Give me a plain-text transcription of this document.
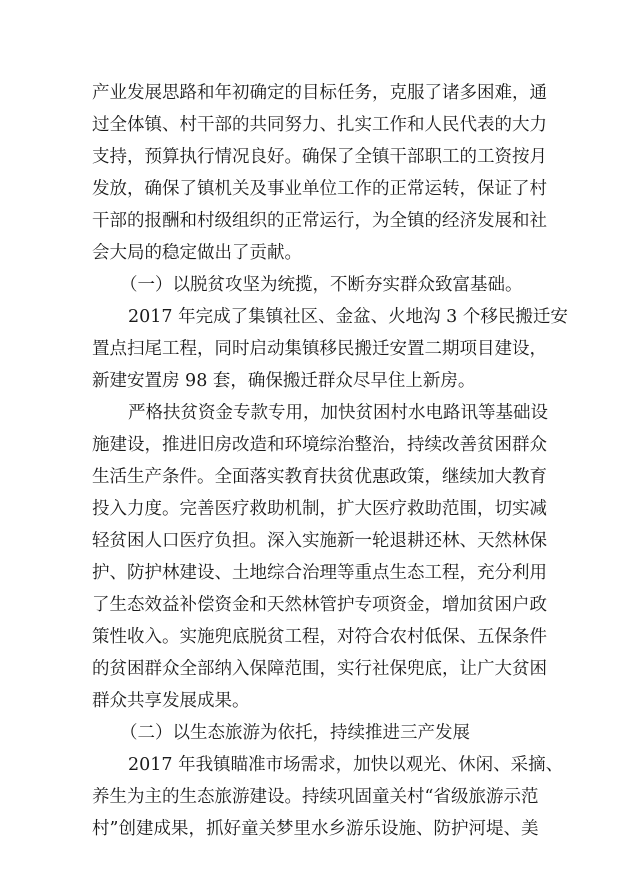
产业发展思路和年初确定的目标任务，克服了诸多困难，通
过全体镇、村干部的共同努力、扎实工作和人民代表的大力
支持，预算执行情况良好。确保了全镇干部职工的工资按月
发放，确保了镇机关及事业单位工作的正常运转，保证了村
干部的报酬和村级组织的正常运行，为全镇的经济发展和社
会大局的稳定做出了贡献。
（一）以脱贫攻坚为统揽，不断夯实群众致富基础。
2017 年完成了集镇社区、金盆、火地沟 3 个移民搬迁安
置点扫尾工程，同时启动集镇移民搬迁安置二期项目建设，
新建安置房 98 套，确保搬迁群众尽早住上新房。
严格扶贫资金专款专用，加快贫困村水电路讯等基础设
施建设，推进旧房改造和环境综治整治，持续改善贫困群众
生活生产条件。全面落实教育扶贫优惠政策，继续加大教育
投入力度。完善医疗救助机制，扩大医疗救助范围，切实减
轻贫困人口医疗负担。深入实施新一轮退耕还林、天然林保
护、防护林建设、土地综合治理等重点生态工程，充分利用
了生态效益补偿资金和天然林管护专项资金，增加贫困户政
策性收入。实施兜底脱贫工程，对符合农村低保、五保条件
的贫困群众全部纳入保障范围，实行社保兜底，让广大贫困
群众共享发展成果。
（二）以生态旅游为依托，持续推进三产发展
2017 年我镇瞄准市场需求，加快以观光、休闲、采摘、
养生为主的生态旅游建设。持续巩固童关村“省级旅游示范
村”创建成果，抓好童关梦里水乡游乐设施、防护河堤、美
